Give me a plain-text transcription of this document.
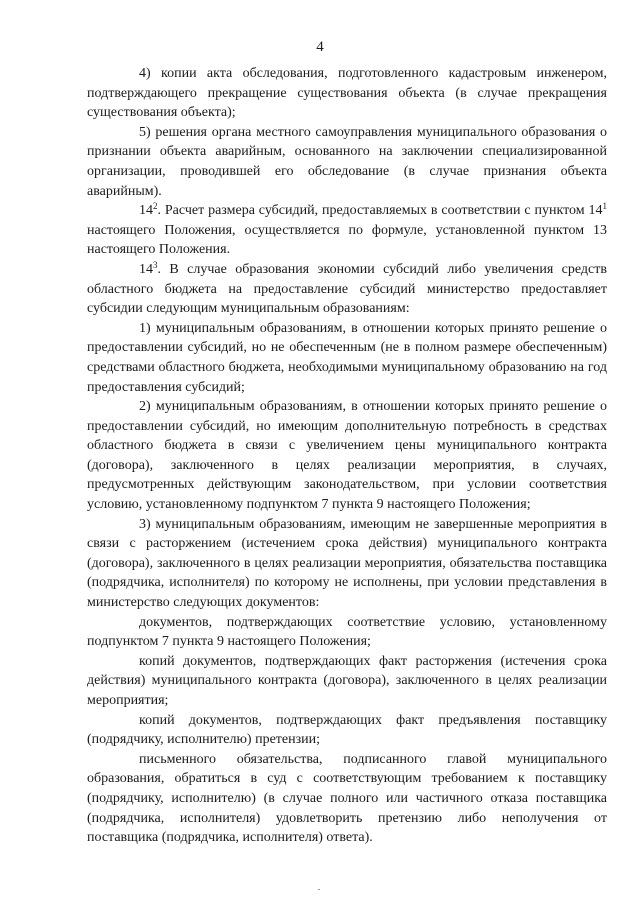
4

4) копии акта обследования, подготовленного кадастровым инженером, подтверждающего прекращение существования объекта (в случае прекращения существования объекта);

5) решения органа местного самоуправления муниципального образования о признании объекта аварийным, основанного на заключении специализированной организации, проводившей его обследование (в случае признания объекта аварийным).

$14^2$. Расчет размера субсидий, предоставляемых в соответствии с пунктом $14^1$ настоящего Положения, осуществляется по формуле, установленной пунктом 13 настоящего Положения.

$14^3$. В случае образования экономии субсидий либо увеличения средств областного бюджета на предоставление субсидий министерство предоставляет субсидии следующим муниципальным образованиям:

1) муниципальным образованиям, в отношении которых принято решение о предоставлении субсидий, но не обеспеченным (не в полном размере обеспеченным) средствами областного бюджета, необходимыми муниципальному образованию на год предоставления субсидий;

2) муниципальным образованиям, в отношении которых принято решение о предоставлении субсидий, но имеющим дополнительную потребность в средствах областного бюджета в связи с увеличением цены муниципального контракта (договора), заключенного в целях реализации мероприятия, в случаях, предусмотренных действующим законодательством, при условии соответствия условию, установленному подпунктом 7 пункта 9 настоящего Положения;

3) муниципальным образованиям, имеющим не завершенные мероприятия в связи с расторжением (истечением срока действия) муниципального контракта (договора), заключенного в целях реализации мероприятия, обязательства поставщика (подрядчика, исполнителя) по которому не исполнены, при условии представления в министерство следующих документов:

документов, подтверждающих соответствие условию, установленному подпунктом 7 пункта 9 настоящего Положения;

копий документов, подтверждающих факт расторжения (истечения срока действия) муниципального контракта (договора), заключенного в целях реализации мероприятия;

копий документов, подтверждающих факт предъявления поставщику (подрядчику, исполнителю) претензии;

письменного обязательства, подписанного главой муниципального образования, обратиться в суд с соответствующим требованием к поставщику (подрядчику, исполнителю) (в случае полного или частичного отказа поставщика (подрядчика, исполнителя) удовлетворить претензию либо неполучения от поставщика (подрядчика, исполнителя) ответа).
